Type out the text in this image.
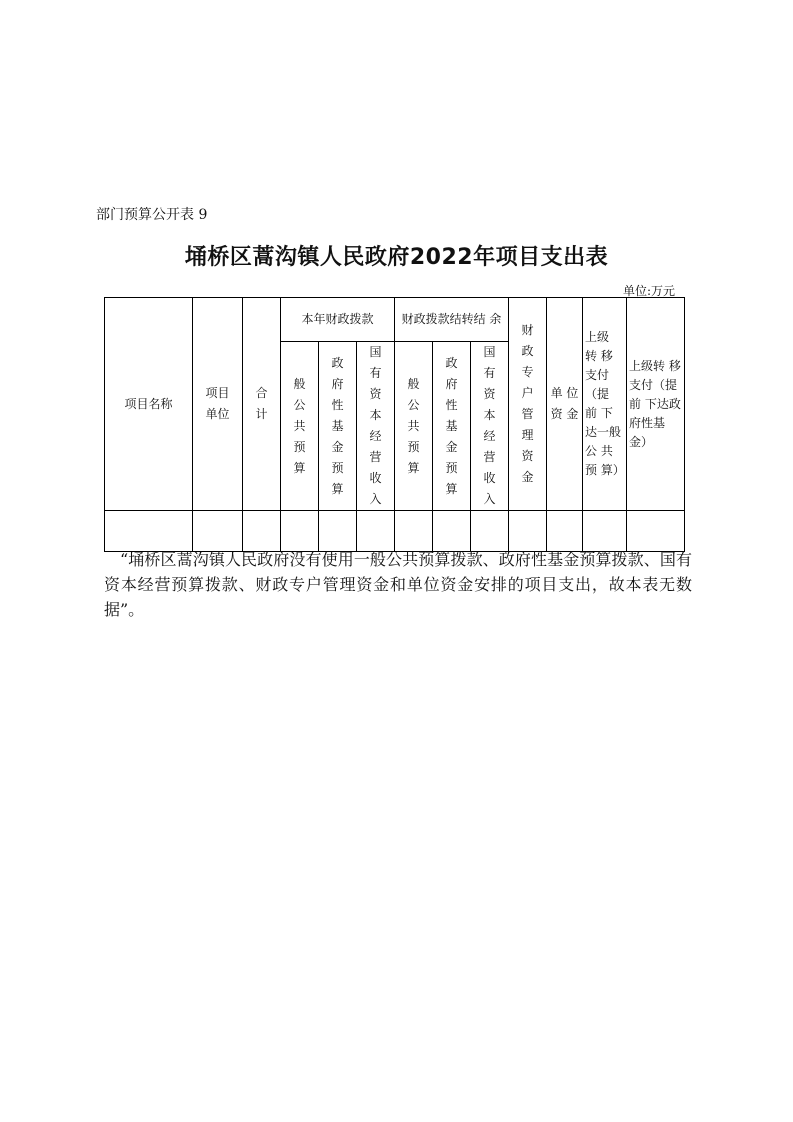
部门预算公开表 9
埇桥区蒿沟镇人民政府2022年项目支出表
单位:万元
项目名称	项目 单位	合计	本年财政拨款			财政拨款结转结 余			财政专户管理资金	单 位 资 金	上级 转 移 支付（提 前 下 达一般公 共 预 算）	上级转 移 支付（提前 下达政 府性基 金）

			般公共预算	政府性基金预算	国有资本经营收入	般公共预算	政府性基金预算	国有资本经营收入				

“埇桥区蒿沟镇人民政府没有使用一般公共预算拨款、政府性基金预算拨款、国有资本经营预算拨款、财政专户管理资金和单位资金安排的项目支出，故本表无数据”。
